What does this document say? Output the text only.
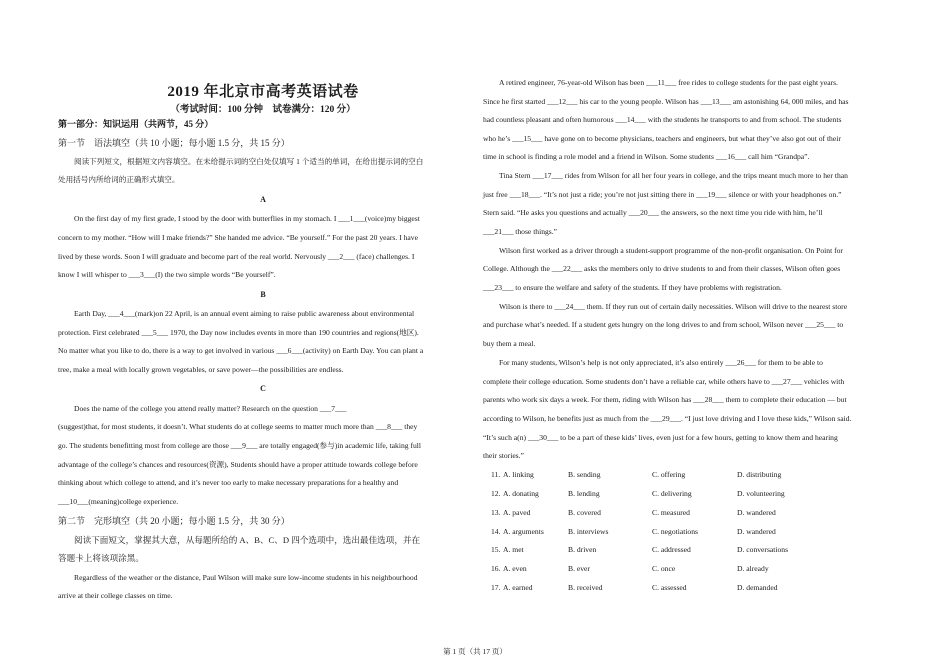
2019 年北京市高考英语试卷
（考试时间：100 分钟　试卷满分：120 分）
第一部分：知识运用（共两节，45 分）
第一节　语法填空（共 10 小题；每小题 1.5 分，共 15 分）
阅读下列短文，根据短文内容填空。在未给提示词的空白处仅填写 1 个适当的单词，在给出提示词的空白
处用括号内所给词的正确形式填空。
A
On the first day of my first grade, I stood by the door with butterflies in my stomach. I ___1___(voice)my biggest
concern to my mother. “How will I make friends?” She handed me advice. “Be yourself.” For the past 20 years. I have
lived by these words. Soon I will graduate and become part of the real world. Nervously ___2___ (face) challenges. I
know I will whisper to ___3___(I) the two simple words “Be yourself”.
B
Earth Day, ___4___(mark)on 22 April, is an annual event aiming to raise public awareness about environmental
protection. First celebrated ___5___ 1970, the Day now includes events in more than 190 countries and regions(地区).
No matter what you like to do, there is a way to get involved in various ___6___(activity) on Earth Day. You can plant a
tree, make a meal with locally grown vegetables, or save power—the possibilities are endless.
C
Does the name of the college you attend really matter? Research on the question ___7___
(suggest)that, for most students, it doesn’t. What students do at college seems to matter much more than ___8___ they
go. The students benefitting most from college are those ___9___ are totally engaged(参与)in academic life, taking full
advantage of the college’s chances and resources(资源), Students should have a proper attitude towards college before
thinking about which college to attend, and it’s never too early to make necessary preparations for a healthy and
___10___(meaning)college experience.
第二节　完形填空（共 20 小题；每小题 1.5 分，共 30 分）
阅读下面短文，掌握其大意，从每题所给的 A、B、C、D 四个选项中，选出最佳选项，并在
答题卡上将该项涂黑。
Regardless of the weather or the distance, Paul Wilson will make sure low-income students in his neighbourhood
arrive at their college classes on time.
A retired engineer, 76-year-old Wilson has been ___11___ free rides to college students for the past eight years.
Since he first started ___12___ his car to the young people. Wilson has ___13___ am astonishing 64, 000 miles, and has
had countless pleasant and often humorous ___14___ with the students he transports to and from school. The students
who he’s ___15___ have gone on to become physicians, teachers and engineers, but what they’ve also got out of their
time in school is finding a role model and a friend in Wilson. Some students ___16___ call him “Grandpa”.
Tina Stern ___17___ rides from Wilson for all her four years in college, and the trips meant much more to her than
just free ___18___. “It’s not just a ride; you’re not just sitting there in ___19___ silence or with your headphones on.”
Stern said. “He asks you questions and actually ___20___ the answers, so the next time you ride with him, he’ll
___21___ those things.”
Wilson first worked as a driver through a student-support programme of the non-profit organisation. On Point for
College. Although the ___22___ asks the members only to drive students to and from their classes, Wilson often goes
___23___ to ensure the welfare and safety of the students. If they have problems with registration.
Wilson is there to ___24___ them. If they run out of certain daily necessities. Wilson will drive to the nearest store
and purchase what’s needed. If a student gets hungry on the long drives to and from school, Wilson never ___25___ to
buy them a meal.
For many students, Wilson’s help is not only appreciated, it’s also entirely ___26___ for them to be able to
complete their college education. Some students don’t have a reliable car, while others have to ___27___ vehicles with
parents who work six days a week. For them, riding with Wilson has ___28___ them to complete their education — but
according to Wilson, he benefits just as much from the ___29___. “I just love driving and I love these kids,” Wilson said.
“It’s such a(n) ___30___ to be a part of these kids’ lives, even just for a few hours, getting to know them and hearing
their stories.”
11. A. linking	B. sending	C. offering	D. distributing
12. A. donating	B. lending	C. delivering	D. volunteering
13. A. paved	B. covered	C. measured	D. wandered
14. A. arguments	B. interviews	C. negotiations	D. wandered
15. A. met	B. driven	C. addressed	D. conversations
16. A. even	B. ever	C. once	D. already
17. A. earned	B. received	C. assessed	D. demanded
第 1 页（共 17 页）
